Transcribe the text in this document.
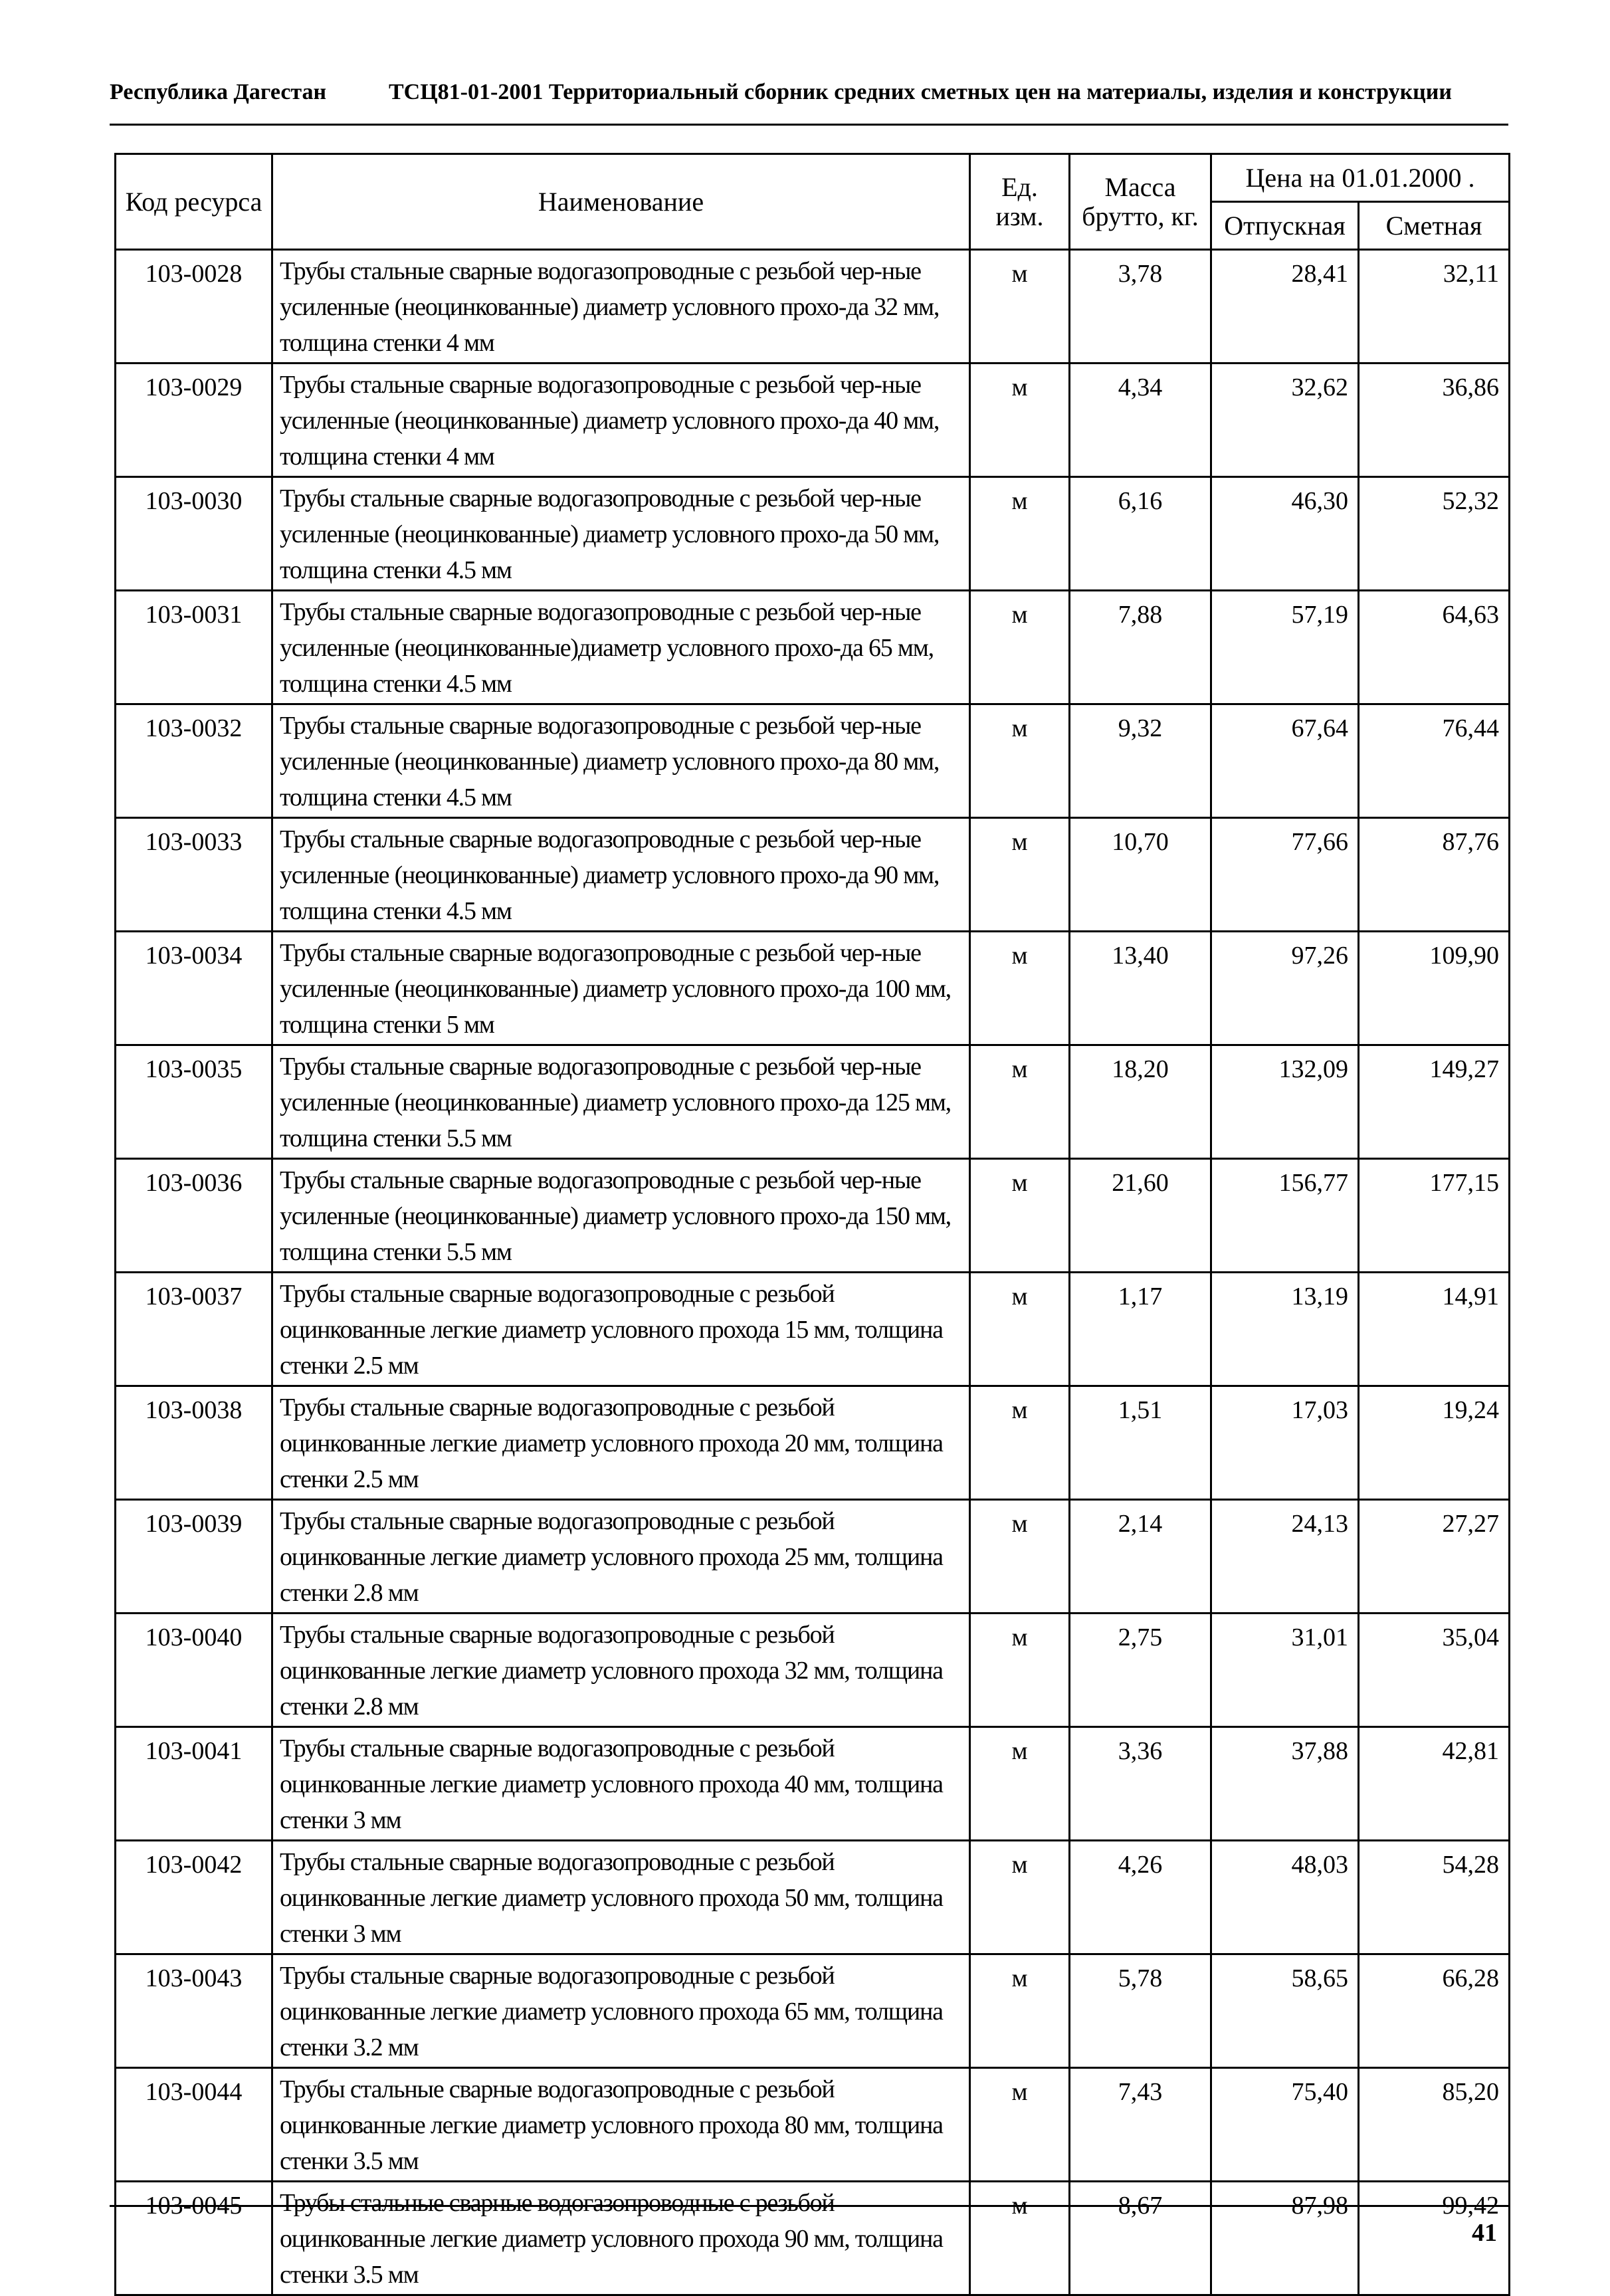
Республика Дагестан	ТСЦ81-01-2001 Территориальный сборник средних сметных цен на материалы, изделия и конструкции
Код ресурса	Наименование	Ед. изм.	Масса брутто, кг.	Цена на 01.01.2000 .	
				Отпускная	Сметная
103-0028	Трубы стальные сварные водогазопроводные с резьбой чер-ные усиленные (неоцинкованные) диаметр условного прохо-да 32 мм, толщина стенки 4 мм	м	3,78	28,41	32,11
103-0029	Трубы стальные сварные водогазопроводные с резьбой чер-ные усиленные (неоцинкованные) диаметр условного прохо-да 40 мм, толщина стенки 4 мм	м	4,34	32,62	36,86
103-0030	Трубы стальные сварные водогазопроводные с резьбой чер-ные усиленные (неоцинкованные) диаметр условного прохо-да 50 мм, толщина стенки 4.5 мм	м	6,16	46,30	52,32
103-0031	Трубы стальные сварные водогазопроводные с резьбой чер-ные усиленные (неоцинкованные)диаметр условного прохо-да 65 мм, толщина стенки 4.5 мм	м	7,88	57,19	64,63
103-0032	Трубы стальные сварные водогазопроводные с резьбой чер-ные усиленные (неоцинкованные) диаметр условного прохо-да 80 мм, толщина стенки 4.5 мм	м	9,32	67,64	76,44
103-0033	Трубы стальные сварные водогазопроводные с резьбой чер-ные усиленные (неоцинкованные) диаметр условного прохо-да 90 мм, толщина стенки 4.5 мм	м	10,70	77,66	87,76
103-0034	Трубы стальные сварные водогазопроводные с резьбой чер-ные усиленные (неоцинкованные) диаметр условного прохо-да 100 мм, толщина стенки 5 мм	м	13,40	97,26	109,90
103-0035	Трубы стальные сварные водогазопроводные с резьбой чер-ные усиленные (неоцинкованные) диаметр условного прохо-да 125 мм, толщина стенки 5.5 мм	м	18,20	132,09	149,27
103-0036	Трубы стальные сварные водогазопроводные с резьбой чер-ные усиленные (неоцинкованные) диаметр условного прохо-да 150 мм, толщина стенки 5.5 мм	м	21,60	156,77	177,15
103-0037	Трубы стальные сварные водогазопроводные с резьбой оцинкованные легкие диаметр условного прохода 15 мм, толщина стенки 2.5 мм	м	1,17	13,19	14,91
103-0038	Трубы стальные сварные водогазопроводные с резьбой оцинкованные легкие диаметр условного прохода 20 мм, толщина стенки 2.5 мм	м	1,51	17,03	19,24
103-0039	Трубы стальные сварные водогазопроводные с резьбой оцинкованные легкие диаметр условного прохода 25 мм, толщина стенки 2.8 мм	м	2,14	24,13	27,27
103-0040	Трубы стальные сварные водогазопроводные с резьбой оцинкованные легкие диаметр условного прохода 32 мм, толщина стенки 2.8 мм	м	2,75	31,01	35,04
103-0041	Трубы стальные сварные водогазопроводные с резьбой оцинкованные легкие диаметр условного прохода 40 мм, толщина стенки 3 мм	м	3,36	37,88	42,81
103-0042	Трубы стальные сварные водогазопроводные с резьбой оцинкованные легкие диаметр условного прохода 50 мм, толщина стенки 3 мм	м	4,26	48,03	54,28
103-0043	Трубы стальные сварные водогазопроводные с резьбой оцинкованные легкие диаметр условного прохода 65 мм, толщина стенки 3.2 мм	м	5,78	58,65	66,28
103-0044	Трубы стальные сварные водогазопроводные с резьбой оцинкованные легкие диаметр условного прохода 80 мм, толщина стенки 3.5 мм	м	7,43	75,40	85,20
103-0045	Трубы стальные сварные водогазопроводные с резьбой оцинкованные легкие диаметр условного прохода 90 мм, толщина стенки 3.5 мм	м	8,67	87,98	99,42
41
